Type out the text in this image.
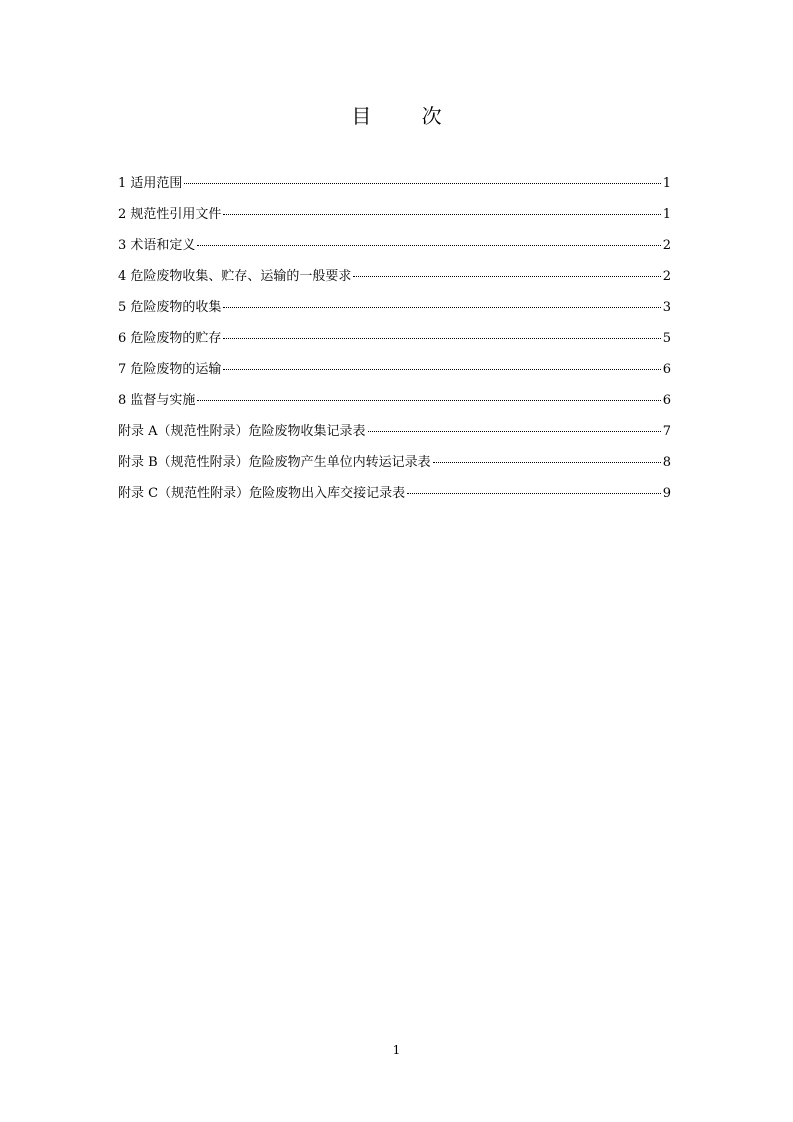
目 次
1 适用范围	1
2 规范性引用文件	1
3 术语和定义	2
4 危险废物收集、贮存、运输的一般要求	2
5 危险废物的收集	3
6 危险废物的贮存	5
7 危险废物的运输	6
8 监督与实施	6
附录 A（规范性附录）危险废物收集记录表	7
附录 B（规范性附录）危险废物产生单位内转运记录表	8
附录 C（规范性附录）危险废物出入库交接记录表	9
1
